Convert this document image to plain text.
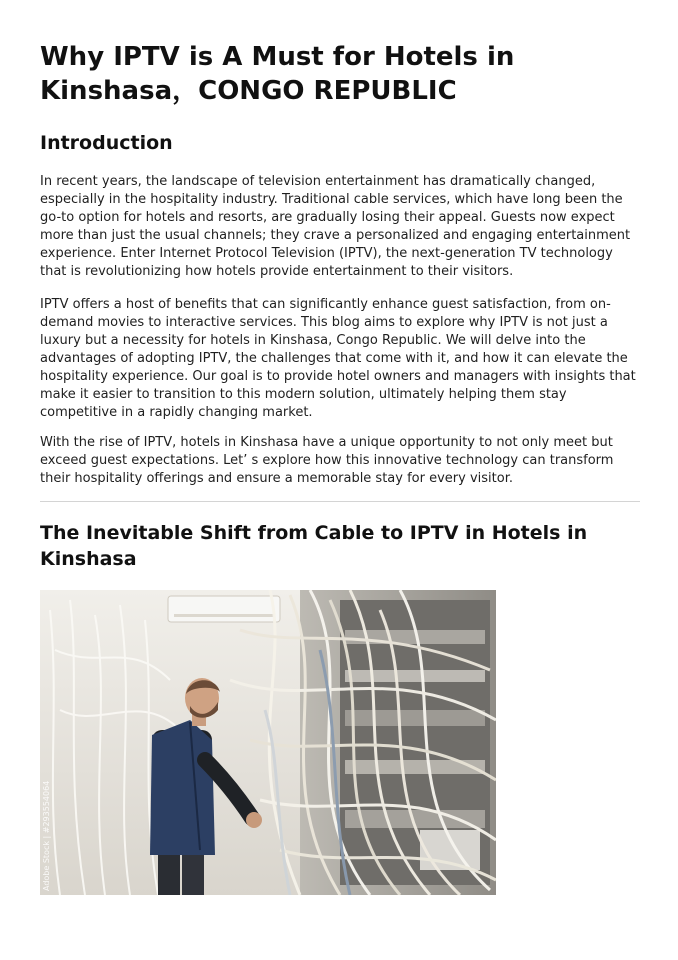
Why IPTV is A Must for Hotels in Kinshasa，CONGO REPUBLIC
Introduction

In recent years, the landscape of television entertainment has dramatically changed, especially in the hospitality industry. Traditional cable services, which have long been the go-to option for hotels and resorts, are gradually losing their appeal. Guests now expect more than just the usual channels; they crave a personalized and engaging entertainment experience. Enter Internet Protocol Television (IPTV), the next-generation TV technology that is revolutionizing how hotels provide entertainment to their visitors.

IPTV offers a host of benefits that can significantly enhance guest satisfaction, from on-demand movies to interactive services. This blog aims to explore why IPTV is not just a luxury but a necessity for hotels in Kinshasa, Congo Republic. We will delve into the advantages of adopting IPTV, the challenges that come with it, and how it can elevate the hospitality experience. Our goal is to provide hotel owners and managers with insights that make it easier to transition to this modern solution, ultimately helping them stay competitive in a rapidly changing market.

With the rise of IPTV, hotels in Kinshasa have a unique opportunity to not only meet but exceed guest expectations. Let’ s explore how this innovative technology can transform their hospitality offerings and ensure a memorable stay for every visitor.

The Inevitable Shift from Cable to IPTV in Hotels in Kinshasa
Adobe Stock | #293554064
